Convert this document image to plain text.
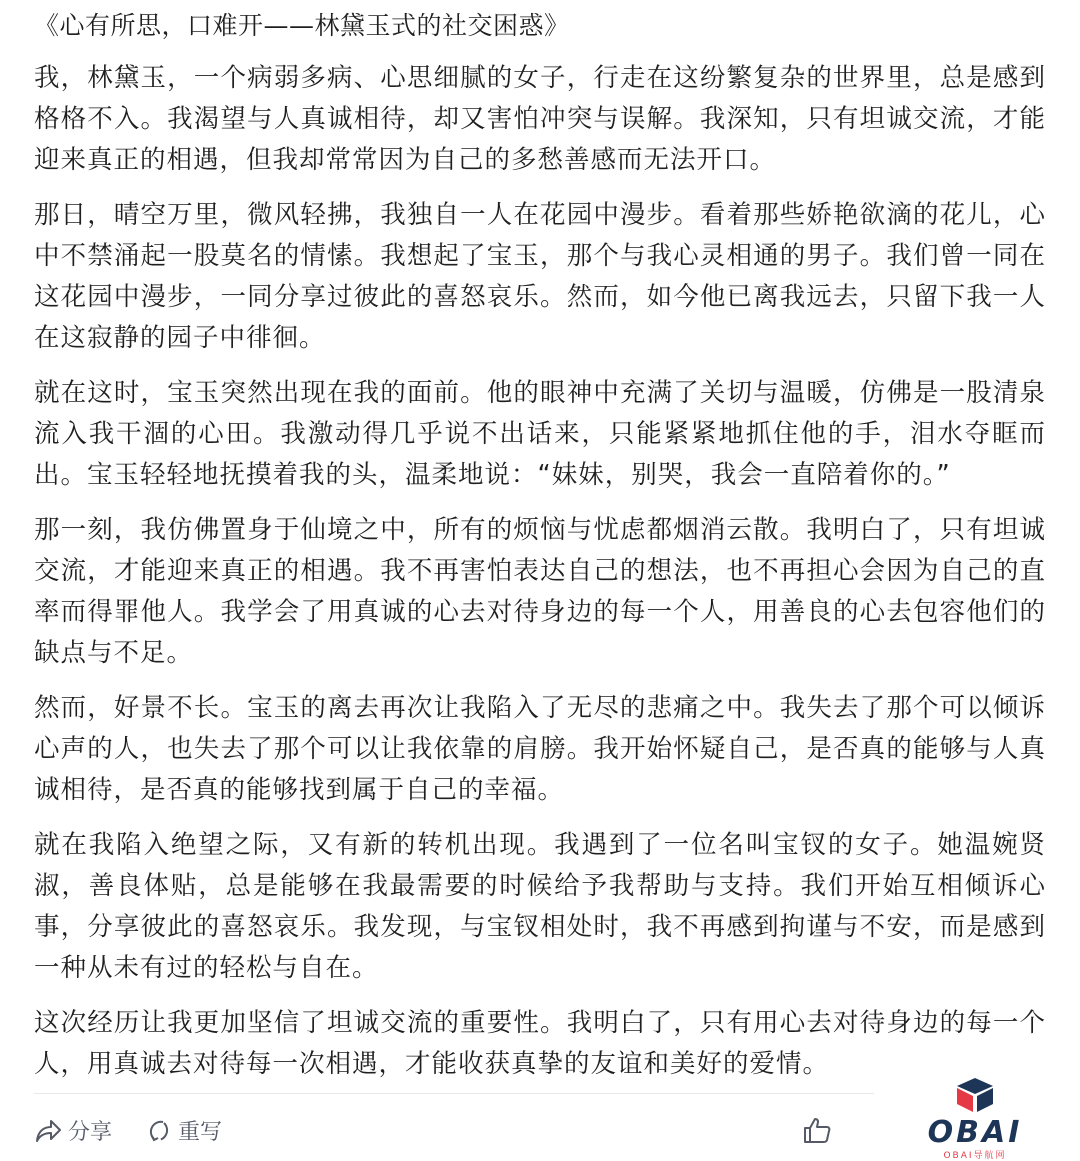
《心有所思，口难开——林黛玉式的社交困惑》

我，林黛玉，一个病弱多病、心思细腻的女子，行走在这纷繁复杂的世界里，总是感到格格不入。我渴望与人真诚相待，却又害怕冲突与误解。我深知，只有坦诚交流，才能迎来真正的相遇，但我却常常因为自己的多愁善感而无法开口。

那日，晴空万里，微风轻拂，我独自一人在花园中漫步。看着那些娇艳欲滴的花儿，心中不禁涌起一股莫名的情愫。我想起了宝玉，那个与我心灵相通的男子。我们曾一同在这花园中漫步，一同分享过彼此的喜怒哀乐。然而，如今他已离我远去，只留下我一人在这寂静的园子中徘徊。

就在这时，宝玉突然出现在我的面前。他的眼神中充满了关切与温暖，仿佛是一股清泉流入我干涸的心田。我激动得几乎说不出话来，只能紧紧地抓住他的手，泪水夺眶而出。宝玉轻轻地抚摸着我的头，温柔地说：“妹妹，别哭，我会一直陪着你的。”

那一刻，我仿佛置身于仙境之中，所有的烦恼与忧虑都烟消云散。我明白了，只有坦诚交流，才能迎来真正的相遇。我不再害怕表达自己的想法，也不再担心会因为自己的直率而得罪他人。我学会了用真诚的心去对待身边的每一个人，用善良的心去包容他们的缺点与不足。

然而，好景不长。宝玉的离去再次让我陷入了无尽的悲痛之中。我失去了那个可以倾诉心声的人，也失去了那个可以让我依靠的肩膀。我开始怀疑自己，是否真的能够与人真诚相待，是否真的能够找到属于自己的幸福。

就在我陷入绝望之际，又有新的转机出现。我遇到了一位名叫宝钗的女子。她温婉贤淑，善良体贴，总是能够在我最需要的时候给予我帮助与支持。我们开始互相倾诉心事，分享彼此的喜怒哀乐。我发现，与宝钗相处时，我不再感到拘谨与不安，而是感到一种从未有过的轻松与自在。

这次经历让我更加坚信了坦诚交流的重要性。我明白了，只有用心去对待身边的每一个人，用真诚去对待每一次相遇，才能收获真挚的友谊和美好的爱情。

分享	重写	OBAI
OBAI导航网
